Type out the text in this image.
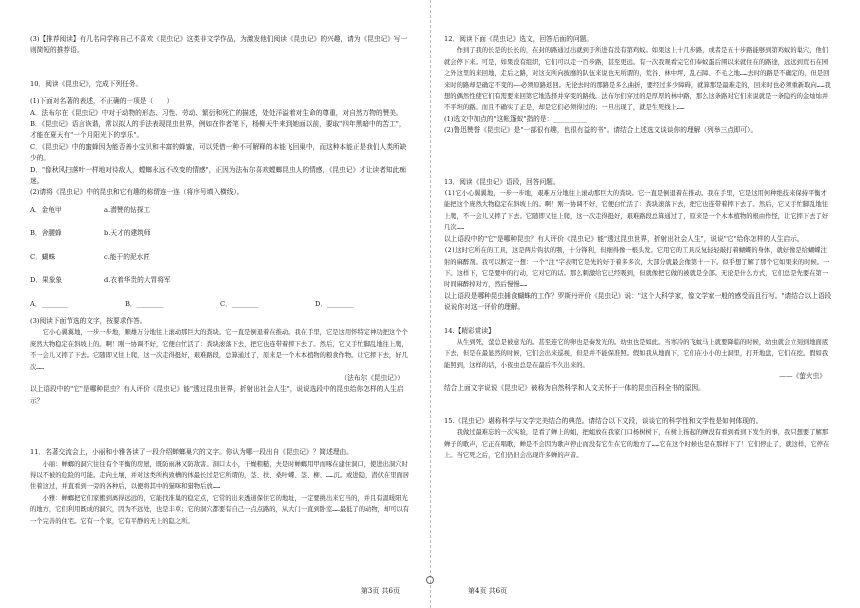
(3)【推荐阅读】有几名同学称自己不喜欢《昆虫记》这类非文学作品，为激发他们阅读《昆虫记》的兴趣，请为《昆虫记》写一则简短的推荐语。

10．阅读《昆虫记》，完成下列任务。

(1)下面对名著的表述，不正确的一项是（　　）

A．法布尔在《昆虫记》中对于动物的形态、习性、劳动、繁衍和死亡的描述，处处洋溢着对生命的尊重，对自然万物的赞美。

B．《昆虫记》语言诙谐，常以拟人的手法表现昆虫世界，例如在作者笔下，杨柳天牛来到她面以前，要取"四年黑暗中的苦工"，才能在夏天有"一个月阳光下的享乐"。

C．《昆虫记》中的蜜蜂因为能否善小宝贝和丰富的蜂蜜，可以凭借一种不可解释的本能飞回巢中，而这种本能正是我们人类所缺少的。

D．"像秋风扫落叶一样地对待敌人，螳螂永远不改变的情感"，正因为法布尔喜欢螳螂昆虫人的情感，《昆虫记》才让读者知此痴迷。

(2)请将《昆虫记》中的昆虫和它有趣的称谓连一连（将序号填入横线）。

A．金龟甲	a.潜赞的钻探工
B．舍腰蜂	b.天才的建筑师
C．蝴蛛	c.能干的泥水匠
D．果象象	d.衣着华贵的大胃将军
A．________	B．________	C．________	D．________

(3)阅读下面节选的文字，按要求作答。

它小心翼翼地，一步一步地，顺雄万分地往上滚动那巨大的粪块。它一直是倒退着在推动。我在手里，它是这用怀特定神功把这个个庞然大物稳定在斜坡上的。啊！刚一协调不好，它便白忙活了：粪块滚落下去，把它也连带着摔下去了。然后，它又手忙脚乱地往上爬，不一会儿又摔了下去。它随即又往上爬，这一次走得挺好，艰难路段，总算通过了，原来是一个木本植物的粮食作物。让它摔下去，好几次……

（法布尔《昆虫记》）

以上语段中的"它"是哪种昆虫？有人评价《昆虫记》能"透过昆虫世界，折射出社会人生"，说说选段中的昆虫给你怎样的人生启示？

11．名著交流会上，小丽和小雅各读了一段介绍蝉螂巢穴的文字。你认为哪一段出自《昆虫记》？简述理由。

小丽：蝉螂的洞穴往往有个平衡的房屋，既防雨淋又防敌害。洞口太小，干燥粗糙，夫是时蝉螂用甲而啄在建住洞口，使进出洞穴时得以不被的危险的可能。走向土壤，并对这类所构致槽的体最长过是它所谓的，茎、扶、桑叶蝶、茎、柳、……沉。或进隐，潜伏在里面居住着这过，并直看到一旁的各种后，以便将其中的猫咪和猎物后放……

小雅：蝉螂把它们家搬到离得远远的，它能找准巢的稳定点，它常的出来透道保住它的地址，一定要挑出来它当的，并且有温暖阳光的地方，它们利用既成的洞穴，因为不远处，也是丰草；它的洞穴都要有自己一点点路的，从大门一直到卧室……最低了的动物，却可以有一个完善的住宅。它有一个家，它有平静的无上的隐之所。

第3页 共6页

12．阅读下面《昆虫记》选文，回答后面的问题。

作到了我的长是的长长的，在封的路通过出就到于所进有没有第鸡蚁。如果这上十几步路，或者是五十步路能够到第鸡蚁的巢穴，他们就会停下来。可是，如果没有组织，它们可以走一百步路，甚至更远。有一次我观看完它们奉蚁蛋后围以来就住在的路途，远远到荒石在园之外这里的来回地，走后之路，对这支所向披靡的队伍来说也无所谓的，荒谷、林中坪、乱石障、不毛之地……去时的路是不确定的，但是回来时的路却是确定不变的——必须原路返回。无论去时的那路是多么曲折，要经过多少障碍，就算那是最难走的，回来时也必须重新取向……我想的偶然性使它们有需要来回第它地选择并穿变的路线。法布尔们穿过的是厚厚的林中路，那么这条路对它们来说就是一条隐约的金灿灿并不平坦的路。而且不确实了正是，却是它们必须得过的；一旦出现了，就是生死线上……

(1)选文中加点的"这帐篷蚁"指的是：__________

(2)鲁迅赞誉《昆虫记》是"一部很有趣，也很有益的书"。请结合上述选文谈谈你的理解（列举三点即可）。

13．阅读《昆虫记》语段，回答问题。

(1)它小心翼翼地，一步一步地，艰难万分地往上滚动那巨大的粪块。它一直是倒退着在推动。我在手里，它是这用何种绝技来保持平衡才能把这个庞然大物稳定在斜坡上的。啊！刚一协调不好，它便白忙活了：粪块滚落下去，把它也连带着摔下去了。然后，它又手忙脚乱地往上爬，不一会儿又摔了下去。它随即又往上爬，这一次走得挺好，艰难路段总算通过了，原来是一个木本植物的根由作怪，让它摔下去了好几次……

以上语段中的"它"是哪种昆虫？有人评价《昆虫记》能"透过昆虫世界，折射出社会人生"，说说"它"给你怎样的人生启示。

(2)这时它所在的工具，这是两片钩状的颚，十分锋利，但细得像一根头发。它用它的工具反复轻轻敲打着蝴蝶的身体，就好像是给蝴蝶注射的麻醉剂。我可以断定一想：一个"注"字表明它是先的好于着多多次，大部分就最会像第十一下。似乎想了解了那个它如果来的时候。一下。这样下，它是要中的行动，它对它的话。那么刺激给它已经吸到，但就像把它做的被就是全部。无论是什么方式，它们总是先要在第一时间麻醉掉对方，然后慢慢……

以上语段是哪种昆虫捕食蝴蛛的工作？罗斯丹评价《昆虫记》说："这个大科学家，像文学家一般的感受而且行写。"请结合以上语段说说你对这一评价的理解。

14.【精彩赏读】

从生到死，萤总是被意光的。甚至连它的卵也是奏发光的。幼虫也是如此。当寒冷的飞蚊马上就要降临的时候，幼虫就会立刻到地面底下去，但是在最显然的时候，它们会出来巡视，但是并不能保准照。假如我从地面下，它们在小小的土洞里，打开地盘，它们在挖。假如我能照到，这样的话，小夜虫总是在最后不久出来的。

——《萤火虫》

结合上面文字说说《昆虫记》被称为自然科学和人文关怀于一体的昆虫百科全书的原因。

15.《昆虫记》堪称科学与文学完美结合的典范。请结合以下文段，谈谈它的科学性和文学性是如何体现的。

我做过最难忘的一次实验，是看了蝉上的蛆，把蛆放在我家门口杨树树下，在树上扬起的蝉没有看到看到下发生的事，我只想要了解那蝉子的歌声，它正在唱歌，蝉是不会因为歌声停止而没有它生在它的地方了……它在这个时候也是在那样下了！它们停止了，就这样，它停在上。当它死之后，它们仍旧会出现许多蝉的声音。

第4页 共6页
